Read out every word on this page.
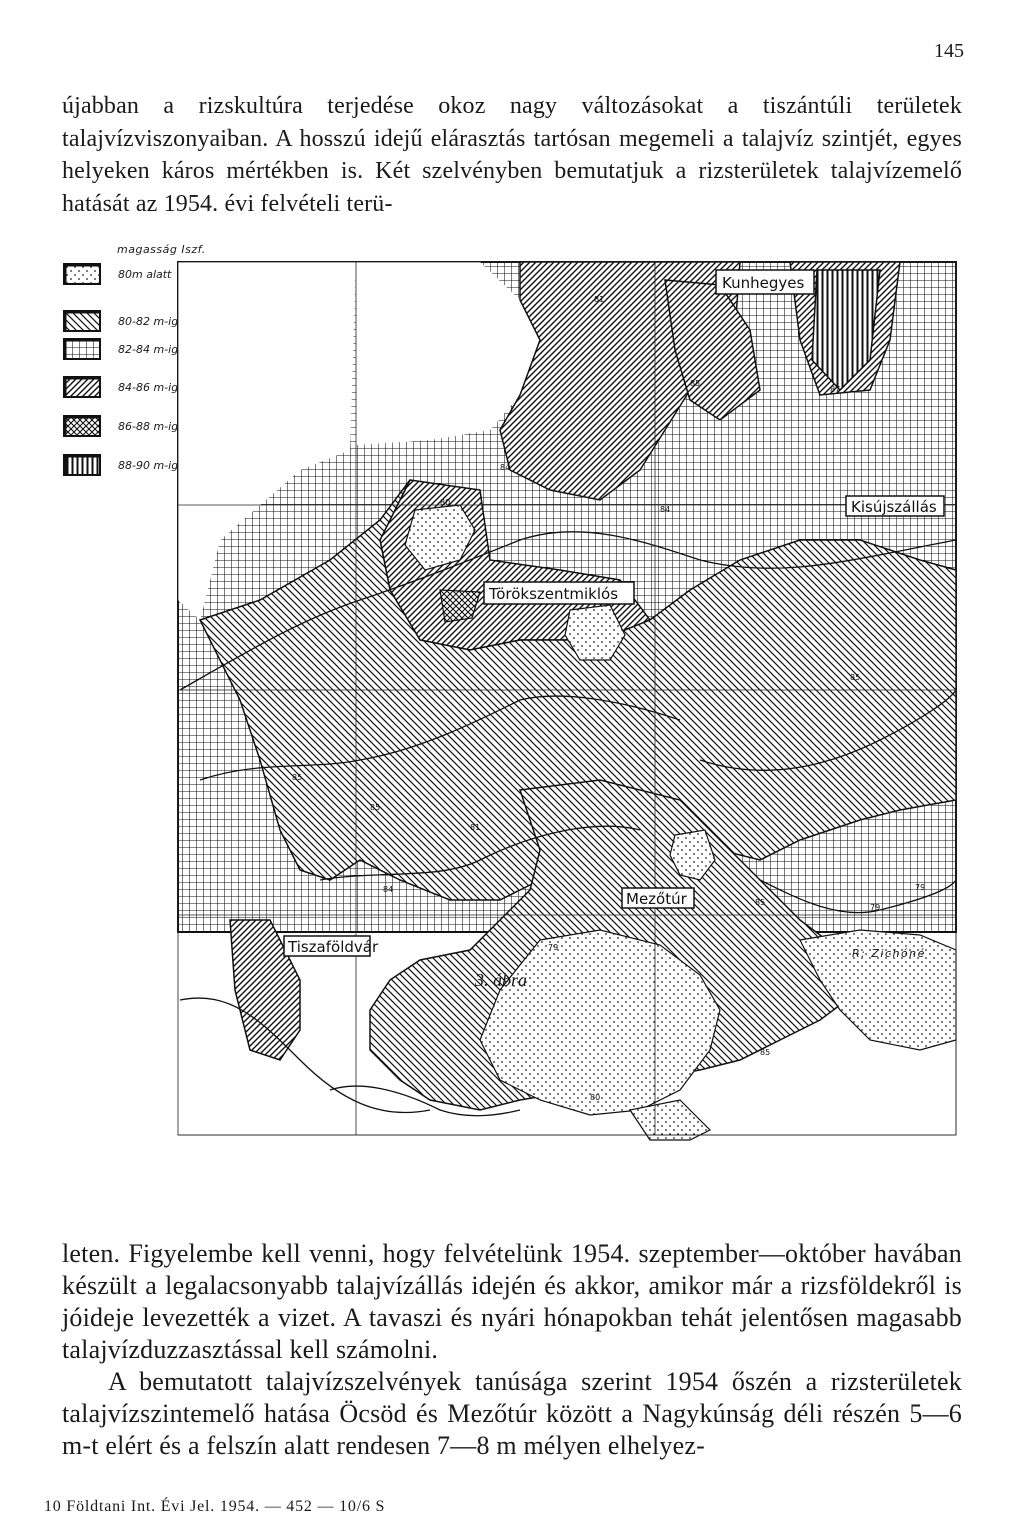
145

újabban a rizskultúra terjedése okoz nagy változásokat a tiszántúli területek talajvízviszonyaiban. A hosszú idejű elárasztás tartósan megemeli a talajvíz szintjét, egyes helyeken káros mértékben is. Két szelvényben bemutatjuk a rizsterületek talajvízemelő hatását az 1954. évi felvételi terü-

Kunhegyes
Kisújszállás
Törökszentmiklós
Mezőtúr
Tiszaföldvár
81
85
87
84
84
80
85
85
85
81
84	79
79
79
85
80
85
magasság Iszf.
80m alatt
80-82 m-ig
82-84 m-ig
84-86 m-ig
86-88 m-ig
88-90 m-ig
R: Zichóné
3. ábra

leten. Figyelembe kell venni, hogy felvételünk 1954. szeptember—október havában készült a legalacsonyabb talajvízállás idején és akkor, amikor már a rizsföldekről is jóideje levezették a vizet. A tavaszi és nyári hónapokban tehát jelentősen magasabb talajvízduzzasztással kell számolni.

A bemutatott talajvízszelvények tanúsága szerint 1954 őszén a rizsterületek talajvízszintemelő hatása Öcsöd és Mezőtúr között a Nagykúnság déli részén 5—6 m-t elért és a felszín alatt rendesen 7—8 m mélyen elhelyez-

10 Földtani Int. Évi Jel. 1954. — 452 — 10/6 S
